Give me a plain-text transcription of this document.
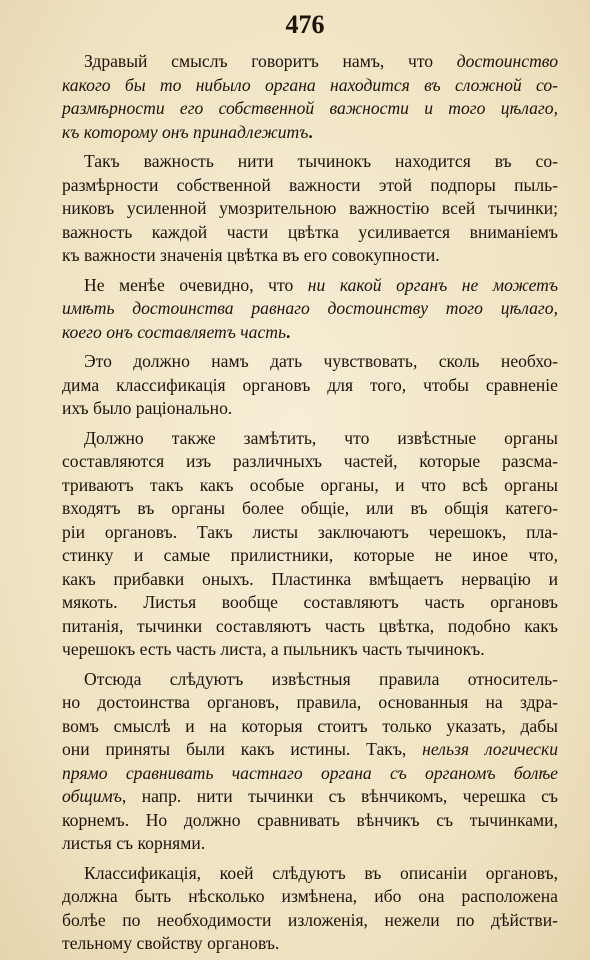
476
Здравый смыслъ говоритъ намъ, что достоинство
какого бы то нибыло органа находится въ сложной со-
размѣрности его собственной важности и того цѣлаго,
къ которому онъ принадлежитъ.
Такъ важность нити тычинокъ находится въ со-
размѣрности собственной важности этой подпоры пыль-
никовъ усиленной умозрительною важностію всей тычинки;
важность каждой части цвѣтка усиливается вниманіемъ
къ важности значенія цвѣтка въ его совокупности.
Не менѣе очевидно, что ни какой органъ не можетъ
имѣть достоинства равнаго достоинству того цѣлаго,
коего онъ составляетъ часть.
Это должно намъ дать чувствовать, сколь необхо-
дима классификація органовъ для того, чтобы сравненіе
ихъ было раціонально.
Должно также замѣтить, что извѣстные органы
составляются изъ различныхъ частей, которые разсма-
триваютъ такъ какъ особые органы, и что всѣ органы
входятъ въ органы более общіе, или въ общія катего-
ріи органовъ. Такъ листы заключаютъ черешокъ, пла-
стинку и самые прилистники, которые не иное что,
какъ прибавки оныхъ. Пластинка вмѣщаетъ нервацію и
мякоть. Листья вообще составляютъ часть органовъ
питанія, тычинки составляютъ часть цвѣтка, подобно какъ
черешокъ есть часть листа, а пыльникъ часть тычинокъ.
Отсюда слѣдуютъ извѣстныя правила относитель-
но достоинства органовъ, правила, основанныя на здра-
вомъ смыслѣ и на которыя стоитъ только указать, дабы
они приняты были какъ истины. Такъ, нельзя логически
прямо сравнивать частнаго органа съ органомъ болѣе
общимъ, напр. нити тычинки съ вѣнчикомъ, черешка съ
корнемъ. Но должно сравнивать вѣнчикъ съ тычинками,
листья съ корнями.
Классификація, коей слѣдуютъ въ описаніи органовъ,
должна быть нѣсколько измѣнена, ибо она расположена
болѣе по необходимости изложенія, нежели по дѣйстви-
тельному свойству органовъ.
